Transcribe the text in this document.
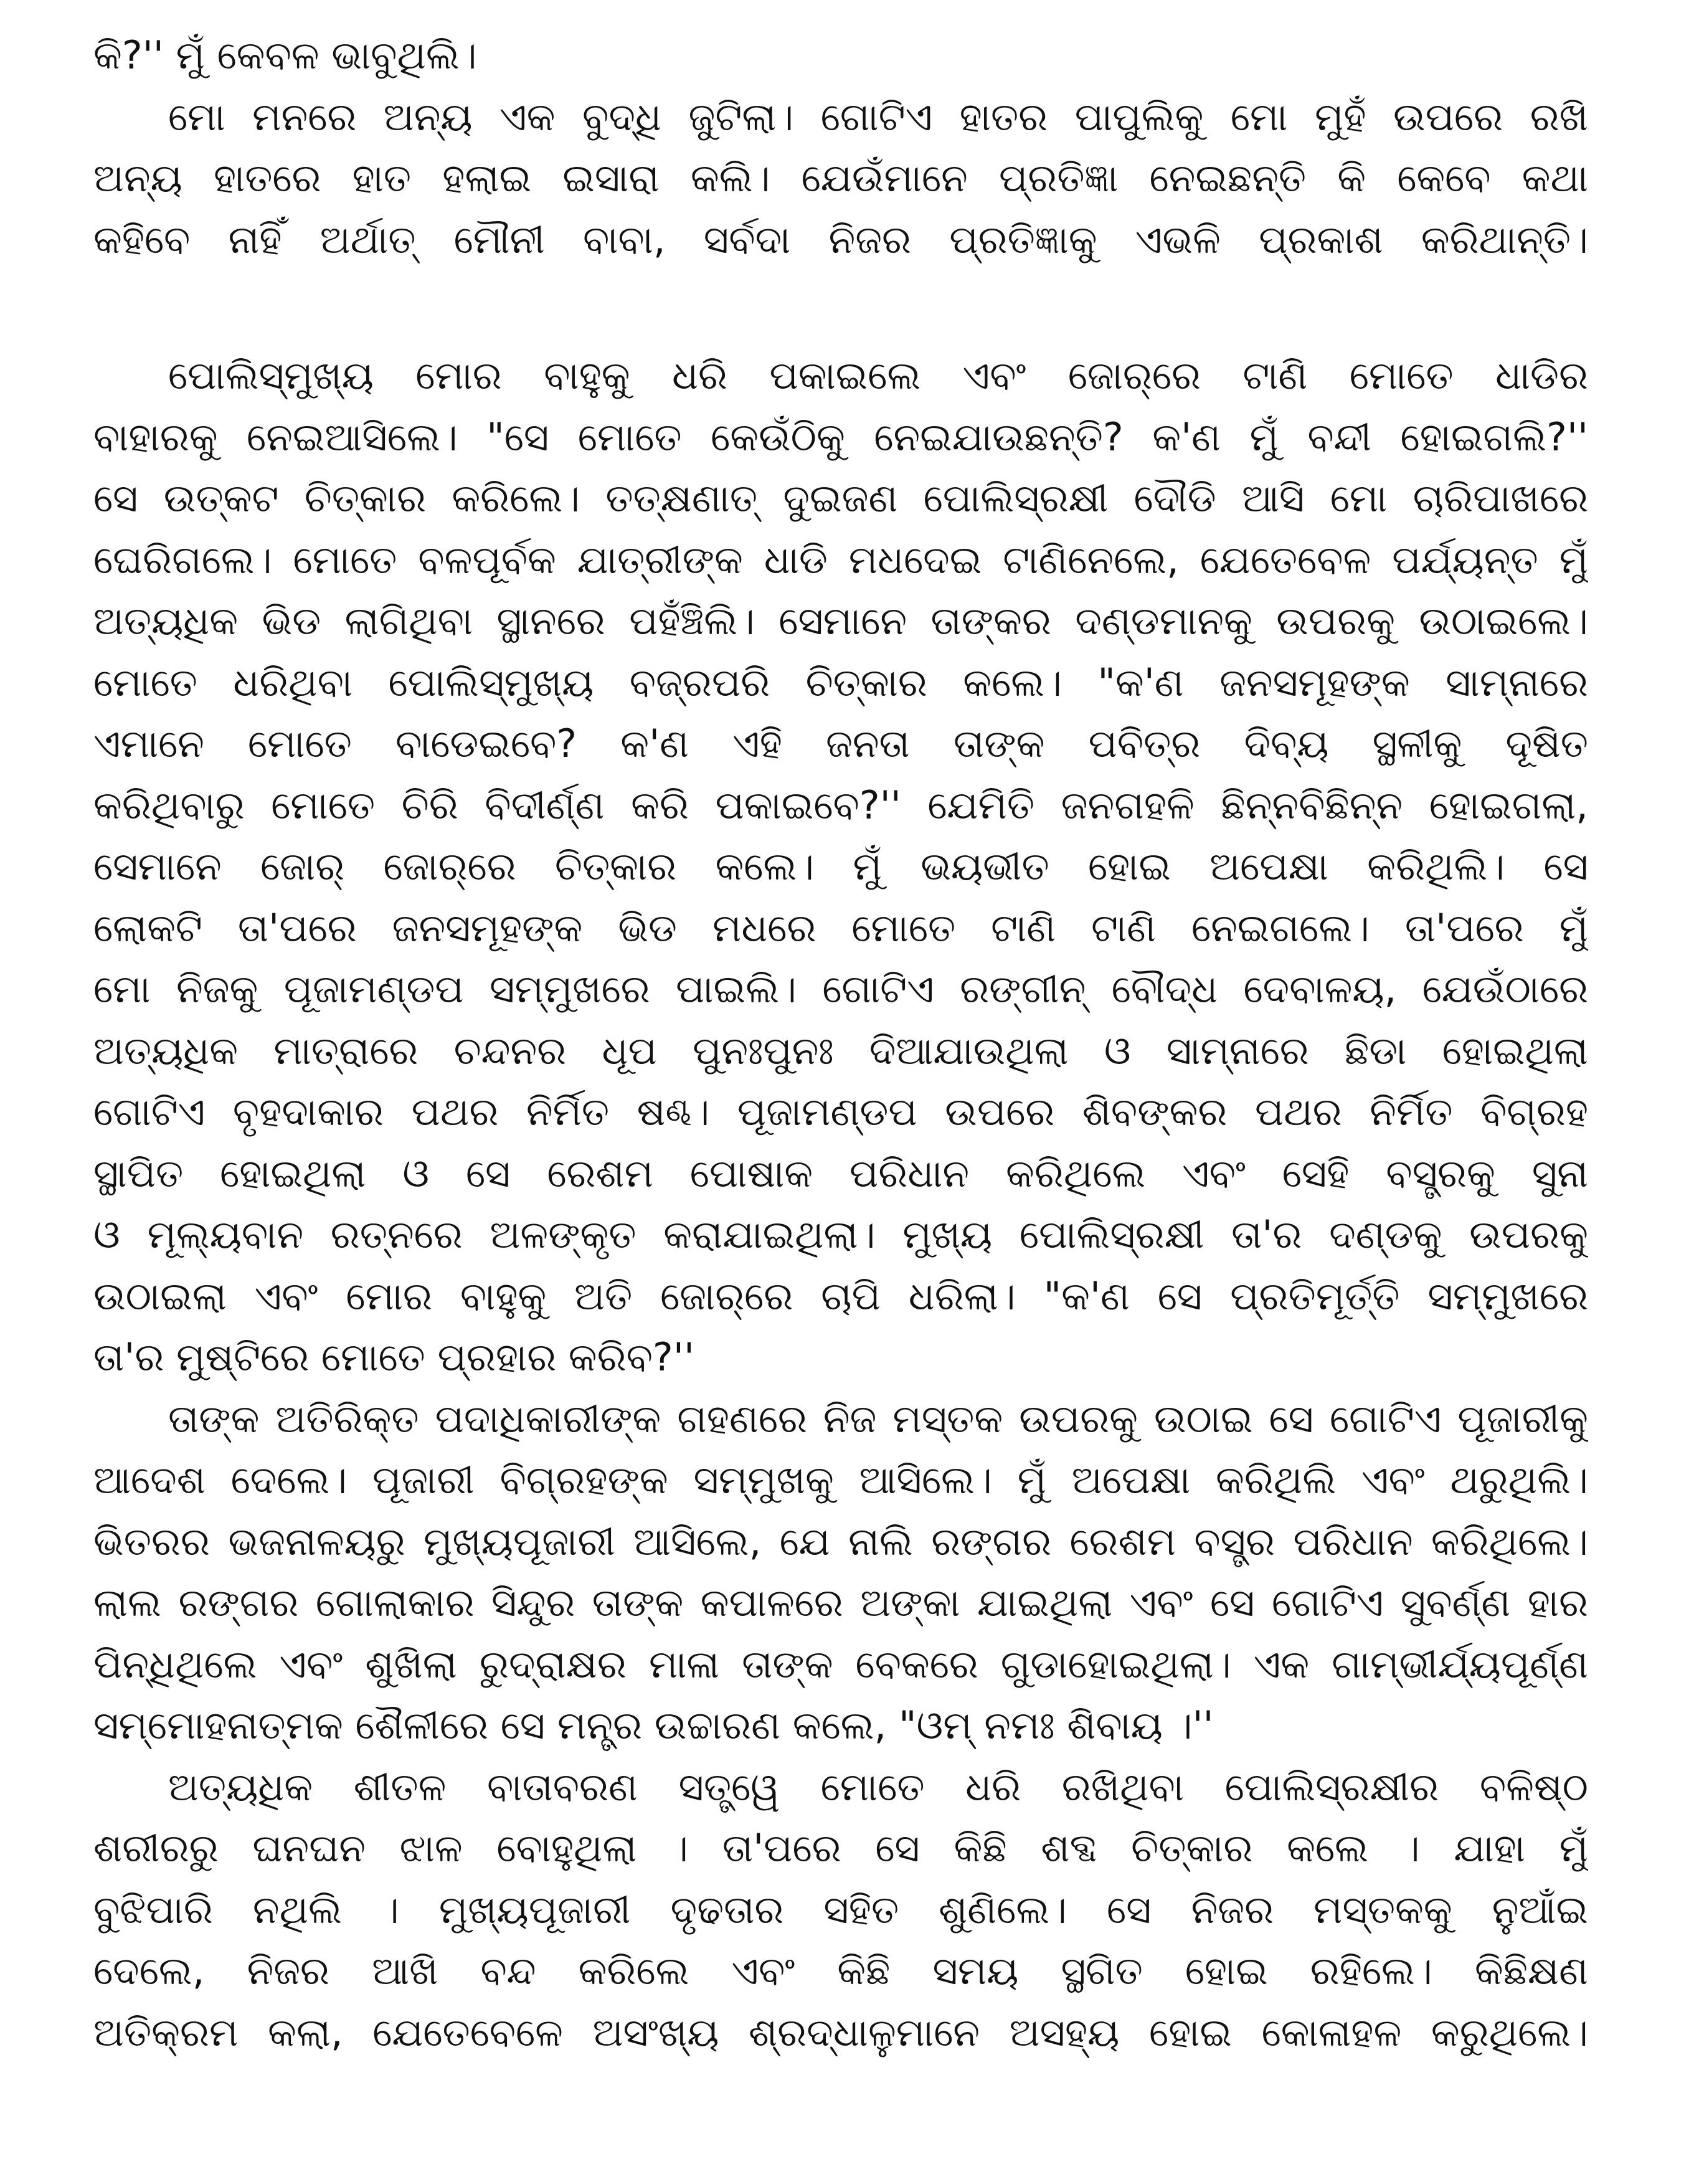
କି?'' ମୁଁ କେବଳ ଭାବୁଥିଲି।
ମୋ ମନରେ ଅନ୍ୟ ଏକ ବୁଦ୍ଧି ଜୁଟିଲା। ଗୋଟିଏ ହାତର ପାପୁଲିକୁ ମୋ ମୁହଁ ଉପରେ ରଖି
ଅନ୍ୟ ହାତରେ ହାତ ହଲାଇ ଇସାରା କଲି। ଯେଉଁମାନେ ପ୍ରତିଜ୍ଞା ନେଇଛନ୍ତି କି କେବେ କଥା
କହିବେ ନାହିଁ ଅର୍ଥାତ୍ ମୌନୀ ବାବା, ସର୍ବଦା ନିଜର ପ୍ରତିଜ୍ଞାକୁ ଏଭଳି ପ୍ରକାଶ କରିଥାନ୍ତି।
ପୋଲିସ୍‌ମୁଖ୍ୟ ମୋର ବାହୁକୁ ଧରି ପକାଇଲେ ଏବଂ ଜୋର୍‌ରେ ଟାଣି ମୋତେ ଧାଡିର
ବାହାରକୁ ନେଇଆସିଲେ। "ସେ ମୋତେ କେଉଁଠିକୁ ନେଇଯାଉଛନ୍ତି? କ'ଣ ମୁଁ ବନ୍ଦୀ ହୋଇଗଲି?''
ସେ ଉତ୍କଟ ଚିତ୍କାର କରିଲେ। ତତ୍‌କ୍ଷଣାତ୍ ଦୁଇଜଣ ପୋଲିସ୍‌ରକ୍ଷୀ ଦୌଡି ଆସି ମୋ ଚାରିପାଖରେ
ଘେରିଗଲେ। ମୋତେ ବଳପୂର୍ବକ ଯାତ୍ରୀଙ୍କ ଧାଡି ମଧଦେଇ ଟାଣିନେଲେ, ଯେତେବେଳ ପର୍ଯ୍ୟନ୍ତ ମୁଁ
ଅତ୍ୟଧିକ ଭିଡ ଲାଗିଥିବା ସ୍ଥାନରେ ପହଁଞ୍ଚିଲି। ସେମାନେ ତାଙ୍କର ଦଣ୍ଡମାନକୁ ଉପରକୁ ଉଠାଇଲେ।
ମୋତେ ଧରିଥିବା ପୋଲିସ୍‌ମୁଖ୍ୟ ବଜ୍ରପରି ଚିତ୍କାର କଲେ। "କ'ଣ ଜନସମୂହଙ୍କ ସାମ୍ନାରେ
ଏମାନେ ମୋତେ ବାଡେଇବେ? କ'ଣ ଏହି ଜନତା ତାଙ୍କ ପବିତ୍ର ଦିବ୍ୟ ସ୍ଥଳୀକୁ ଦୂଷିତ
କରିଥିବାରୁ ମୋତେ ଚିରି ବିଦୀର୍ଣ୍ଣ କରି ପକାଇବେ?'' ଯେମିତି ଜନଗହଳି ଛିନ୍ନବିଛିନ୍ନ ହୋଇଗଲା,
ସେମାନେ ଜୋର୍ ଜୋର୍‌ରେ ଚିତ୍କାର କଲେ। ମୁଁ ଭୟଭୀତ ହୋଇ ଅପେକ୍ଷା କରିଥିଲି। ସେ
ଲୋକଟି ତା'ପରେ ଜନସମୂହଙ୍କ ଭିଡ ମଧରେ ମୋତେ ଟାଣି ଟାଣି ନେଇଗଲେ। ତା'ପରେ ମୁଁ
ମୋ ନିଜକୁ ପୂଜାମଣ୍ଡପ ସମ୍ମୁଖରେ ପାଇଲି। ଗୋଟିଏ ରଙ୍ଗୀନ୍ ବୌଦ୍ଧ ଦେବାଳୟ, ଯେଉଁଠାରେ
ଅତ୍ୟଧିକ ମାତ୍ରାରେ ଚନ୍ଦନର ଧୂପ ପୁନଃପୁନଃ ଦିଆଯାଉଥିଲା ଓ ସାମ୍ନାରେ ଛିଡା ହୋଇଥିଲା
ଗୋଟିଏ ବୃହଦାକାର ପଥର ନିର୍ମିତ ଷଣ୍ଢ। ପୂଜାମଣ୍ଡପ ଉପରେ ଶିବଙ୍କର ପଥର ନିର୍ମିତ ବିଗ୍ରହ
ସ୍ଥାପିତ ହୋଇଥିଲା ଓ ସେ ରେଶମ ପୋଷାକ ପରିଧାନ କରିଥିଲେ ଏବଂ ସେହି ବସ୍ତ୍ରକୁ ସୁନା
ଓ ମୂଲ୍ୟବାନ ରତ୍ନରେ ଅଳଙ୍କୃତ କରାଯାଇଥିଲା। ମୁଖ୍ୟ ପୋଲିସ୍‌ରକ୍ଷୀ ତା'ର ଦଣ୍ଡକୁ ଉପରକୁ
ଉଠାଇଲା ଏବଂ ମୋର ବାହୁକୁ ଅତି ଜୋର୍‌ରେ ଚାପି ଧରିଲା। "କ'ଣ ସେ ପ୍ରତିମୂର୍ତ୍ତି ସମ୍ମୁଖରେ
ତା'ର ମୁଷ୍ଟିରେ ମୋତେ ପ୍ରହାର କରିବ?''
ତାଙ୍କ ଅତିରିକ୍ତ ପଦାଧିକାରୀଙ୍କ ଗହଣରେ ନିଜ ମସ୍ତକ ଉପରକୁ ଉଠାଇ ସେ ଗୋଟିଏ ପୂଜାରୀକୁ
ଆଦେଶ ଦେଲେ। ପୂଜାରୀ ବିଗ୍ରହଙ୍କ ସମ୍ମୁଖକୁ ଆସିଲେ। ମୁଁ ଅପେକ୍ଷା କରିଥିଲି ଏବଂ ଥରୁଥିଲି।
ଭିତରର ଭଜନାଳୟରୁ ମୁଖ୍ୟପୂଜାରୀ ଆସିଲେ, ଯେ ନାଲି ରଙ୍ଗର ରେଶମ ବସ୍ତ୍ର ପରିଧାନ କରିଥିଲେ।
ଲାଲ ରଙ୍ଗର ଗୋଲାକାର ସିନ୍ଦୁର ତାଙ୍କ କପାଳରେ ଅଙ୍କା ଯାଇଥିଲା ଏବଂ ସେ ଗୋଟିଏ ସୁବର୍ଣ୍ଣ ହାର
ପିନ୍ଧିଥିଲେ ଏବଂ ଶୁଖିଲା ରୁଦ୍ରାକ୍ଷର ମାଳା ତାଙ୍କ ବେକରେ ଗୁଡାହୋଇଥିଲା। ଏକ ଗାମ୍ଭୀର୍ଯ୍ୟପୂର୍ଣ୍ଣ
ସମ୍ମୋହନାତ୍ମକ ଶୈଳୀରେ ସେ ମନ୍ତ୍ର ଉଚ୍ଚାରଣ କଲେ, "ଓମ୍ ନମଃ ଶିବାୟ ।''
ଅତ୍ୟଧିକ ଶୀତଳ ବାତାବରଣ ସତ୍ତ୍ୱେ ମୋତେ ଧରି ରଖିଥିବା ପୋଲିସ୍‌ରକ୍ଷୀର ବଳିଷ୍ଠ
ଶରୀରରୁ ଘନଘନ ଝାଳ ବୋହୁଥିଲା । ତା'ପରେ ସେ କିଛି ଶବ୍ଦ ଚିତ୍କାର କଲେ । ଯାହା ମୁଁ
ବୁଝିପାରି ନଥିଲି । ମୁଖ୍ୟପୂଜାରୀ ଦୃଢତାର ସହିତ ଶୁଣିଲେ। ସେ ନିଜର ମସ୍ତକକୁ ନୁଆଁଇ
ଦେଲେ, ନିଜର ଆଖି ବନ୍ଦ କରିଲେ ଏବଂ କିଛି ସମୟ ସ୍ଥଗିତ ହୋଇ ରହିଲେ। କିଛିକ୍ଷଣ
ଅତିକ୍ରମ କଲା, ଯେତେବେଳେ ଅସଂଖ୍ୟ ଶ୍ରଦ୍ଧାଳୁମାନେ ଅସହ୍ୟ ହୋଇ କୋଳାହଳ କରୁଥିଲେ।
